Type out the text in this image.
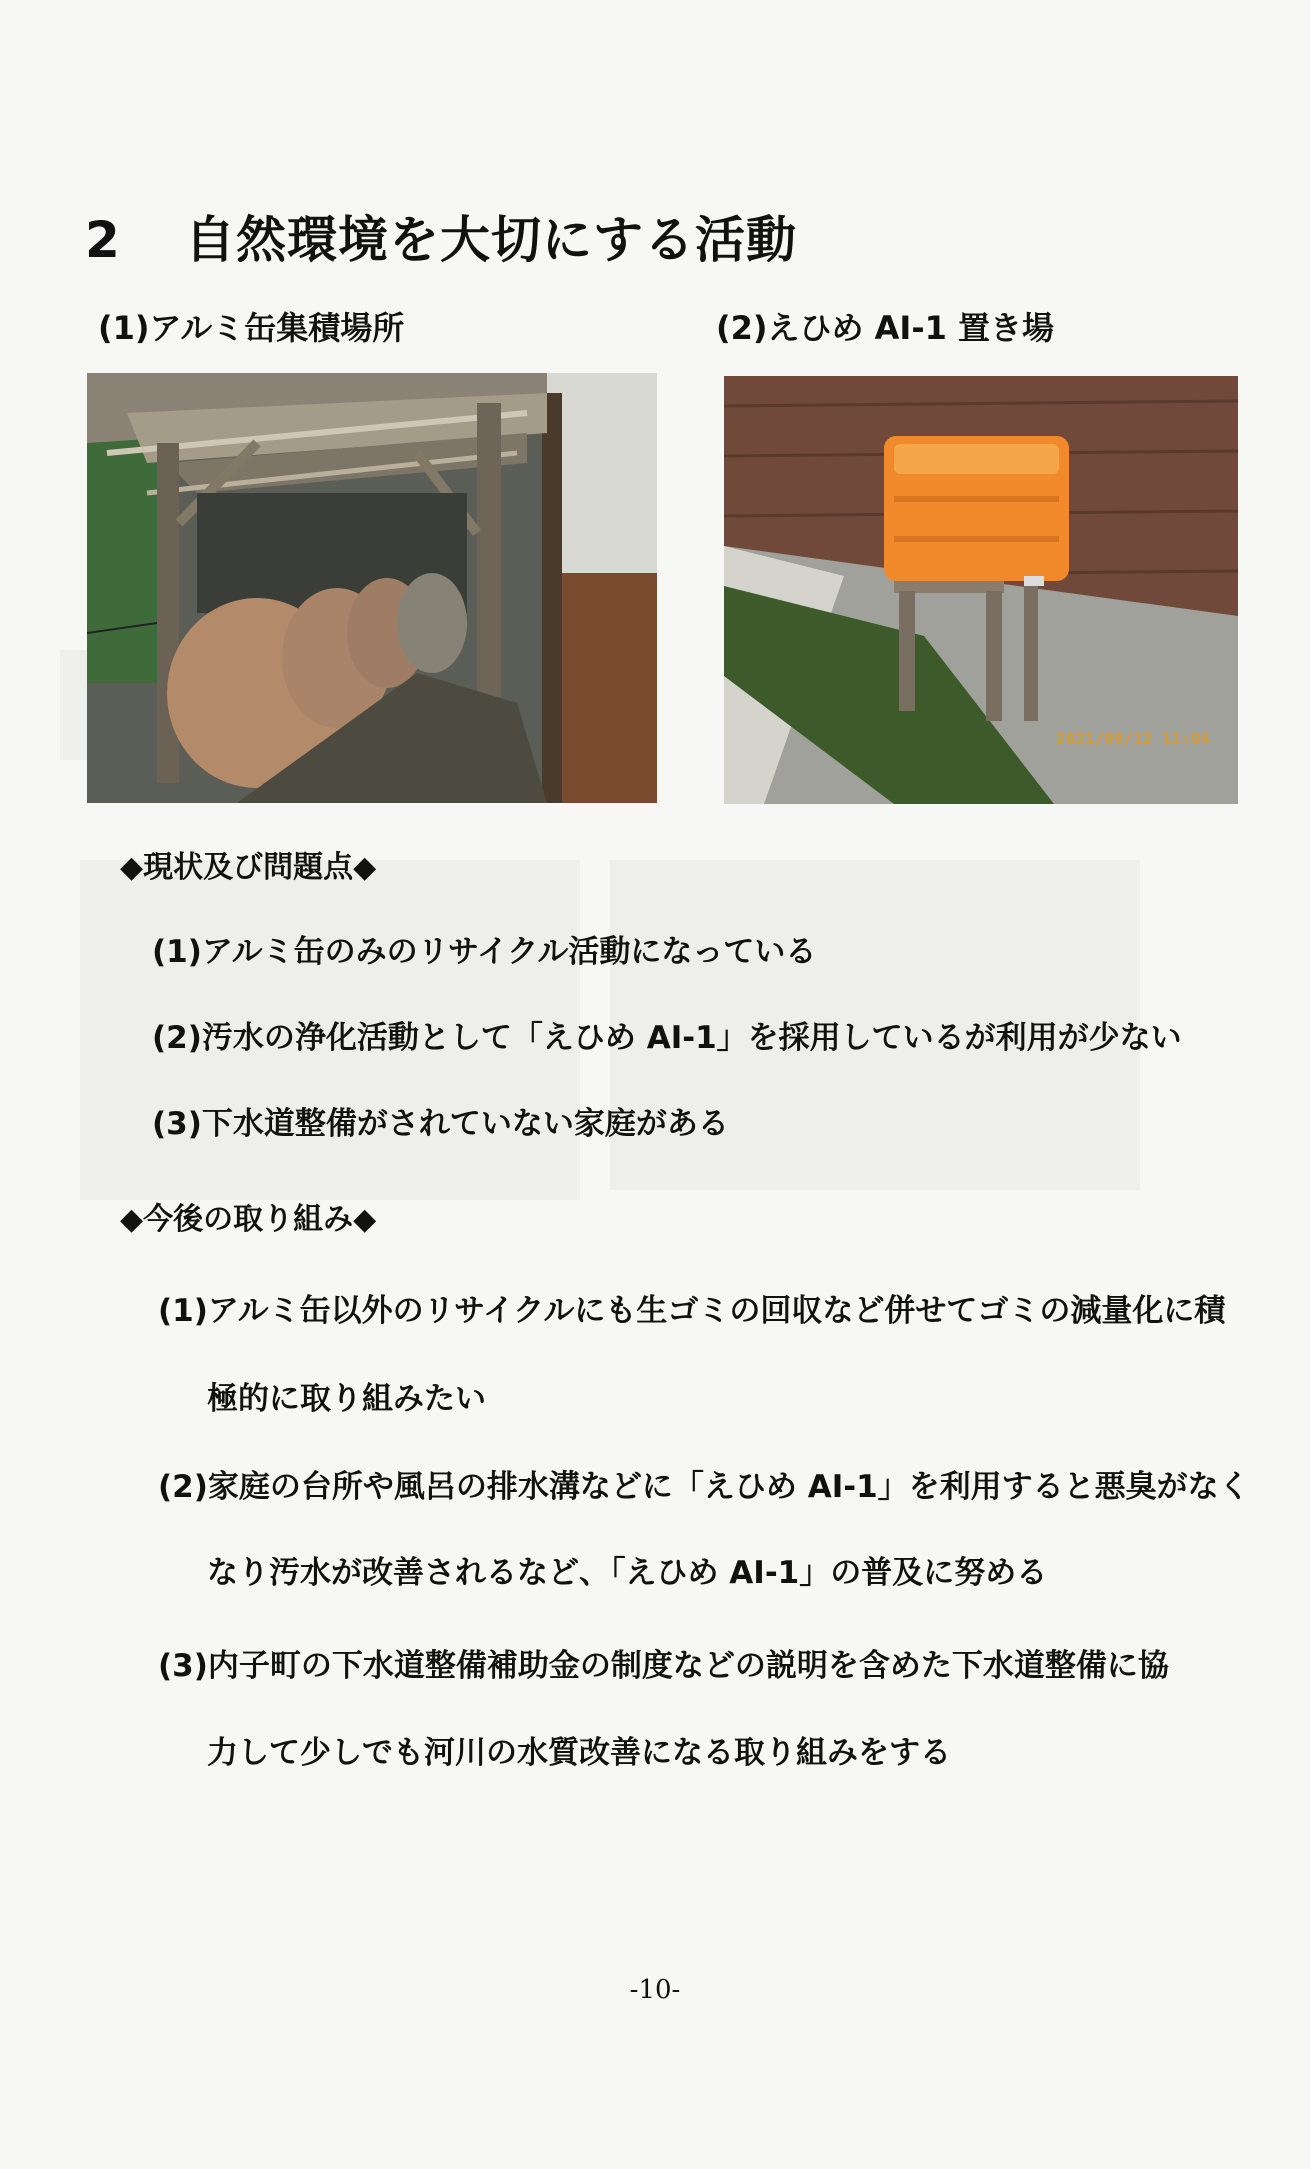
2 自然環境を大切にする活動
(1)アルミ缶集積場所	(2)えひめ AI-1 置き場
2021/09/12 11:04
◆現状及び問題点◆
(1)アルミ缶のみのリサイクル活動になっている
(2)汚水の浄化活動として「えひめ AI-1」を採用しているが利用が少ない
(3)下水道整備がされていない家庭がある
◆今後の取り組み◆
(1)アルミ缶以外のリサイクルにも生ゴミの回収など併せてゴミの減量化に積
極的に取り組みたい
(2)家庭の台所や風呂の排水溝などに「えひめ AI-1」を利用すると悪臭がなく
なり汚水が改善されるなど、「えひめ AI-1」の普及に努める
(3)内子町の下水道整備補助金の制度などの説明を含めた下水道整備に協
力して少しでも河川の水質改善になる取り組みをする
-10-
